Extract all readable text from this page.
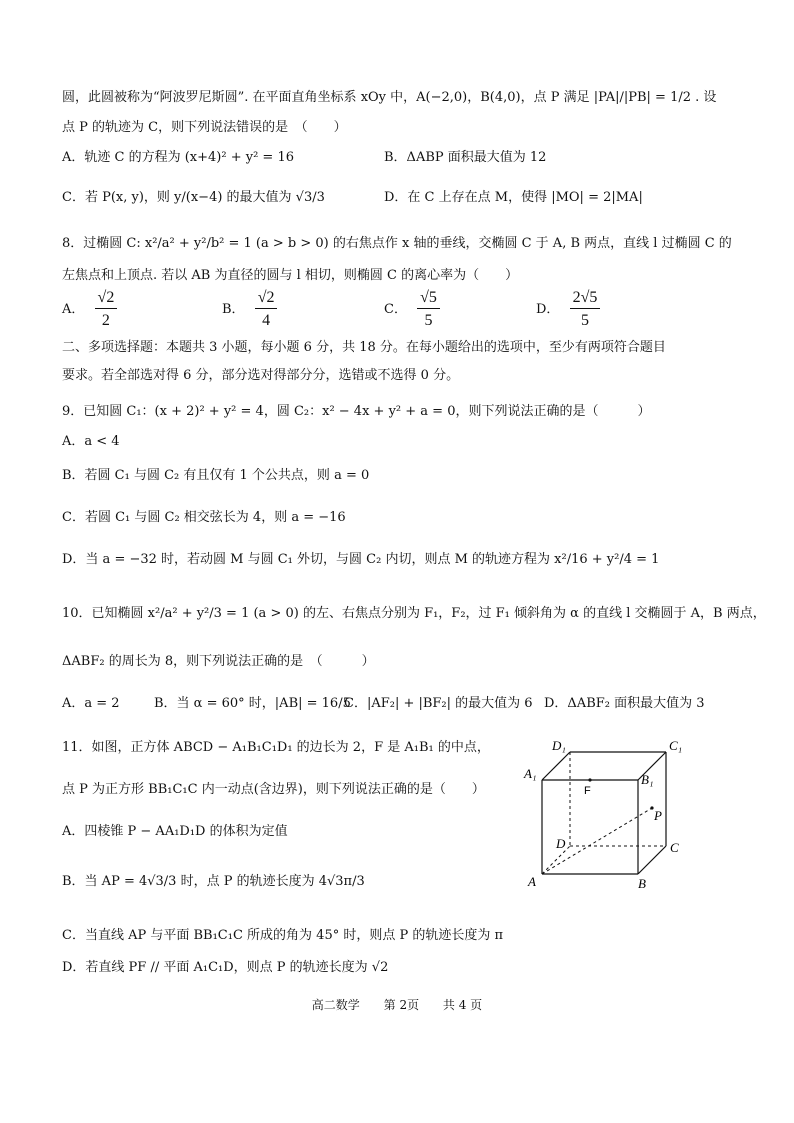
圆，此圆被称为“阿波罗尼斯圆”. 在平面直角坐标系 xOy 中，A(−2,0)，B(4,0)，点 P 满足 |PA|/|PB| = 1/2 . 设
点 P 的轨迹为 C，则下列说法错误的是　（　　）
A．轨迹 C 的方程为 (x+4)² + y² = 16	B．ΔABP 面积最大值为 12
C．若 P(x, y)，则 y/(x−4) 的最大值为 √3/3	D．在 C 上存在点 M，使得 |MO| = 2|MA|
8．过椭圆 C: x²/a² + y²/b² = 1 (a > b > 0) 的右焦点作 x 轴的垂线，交椭圆 C 于 A, B 两点，直线 l 过椭圆 C 的
左焦点和上顶点. 若以 AB 为直径的圆与 l 相切，则椭圆 C 的离心率为（　　）
A． $\frac{√2}{2}$	B． $\frac{√2}{4}$	C． $\frac{√5}{5}$	D． $\frac{2√5}{5}$
二、多项选择题：本题共 3 小题，每小题 6 分，共 18 分。在每小题给出的选项中，至少有两项符合题目
要求。若全部选对得 6 分，部分选对得部分分，选错或不选得 0 分。
9．已知圆 C₁：(x + 2)² + y² = 4，圆 C₂：x² − 4x + y² + a = 0，则下列说法正确的是（　　　）
A．a < 4
B．若圆 C₁ 与圆 C₂ 有且仅有 1 个公共点，则 a = 0
C．若圆 C₁ 与圆 C₂ 相交弦长为 4，则 a = −16
D．当 a = −32 时，若动圆 M 与圆 C₁ 外切，与圆 C₂ 内切，则点 M 的轨迹方程为 x²/16 + y²/4 = 1
10．已知椭圆 x²/a² + y²/3 = 1 (a > 0) 的左、右焦点分别为 F₁，F₂，过 F₁ 倾斜角为 α 的直线 l 交椭圆于 A，B 两点，
ΔABF₂ 的周长为 8，则下列说法正确的是　（　　　）
A．a = 2	B．当 α = 60° 时，|AB| = 16/5
C．|AF₂| + |BF₂| 的最大值为 6 D．ΔABF₂ 面积最大值为 3
11．如图，正方体 ABCD − A₁B₁C₁D₁ 的边长为 2，F 是 A₁B₁ 的中点，
点 P 为正方形 BB₁C₁C 内一动点(含边界)，则下列说法正确的是（　　）
A．四棱锥 P − AA₁D₁D 的体积为定值
B．当 AP = 4√3/3 时，点 P 的轨迹长度为 4√3π/3
C．当直线 AP 与平面 BB₁C₁C 所成的角为 45° 时，则点 P 的轨迹长度为 π
D．若直线 PF // 平面 A₁C₁D，则点 P 的轨迹长度为 √2
D₁	C₁
A₁	B₁
F
P
D	C
A	B
高二数学 第 2页 共 4 页
